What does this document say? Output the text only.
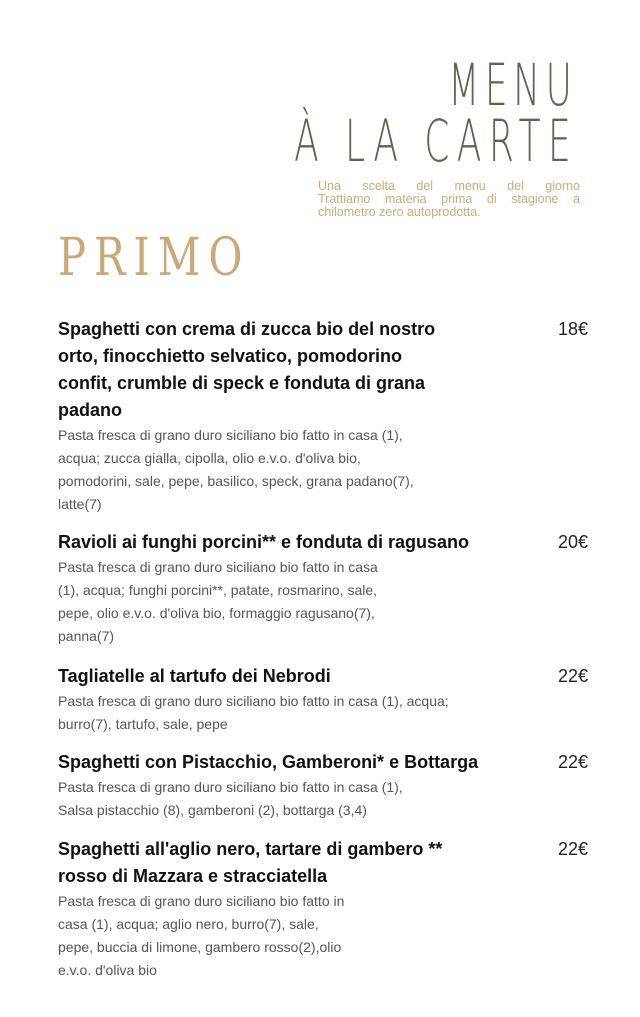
MENU
À LA CARTE
Una scelta del menu del giorno
Trattiamo materia prima di stagione a
chilometro zero autoprodotta.
PRIMO
Spaghetti con crema di zucca bio del nostro
orto, finocchietto selvatico, pomodorino
confit, crumble di speck e fonduta di grana
padano
Pasta fresca di grano duro siciliano bio fatto in casa (1),
acqua; zucca gialla, cipolla, olio e.v.o. d'oliva bio,
pomodorini, sale, pepe, basilico, speck, grana padano(7),
latte(7)
18€
Ravioli ai funghi porcini** e fonduta di ragusano
Pasta fresca di grano duro siciliano bio fatto in casa
(1), acqua; funghi porcini**, patate, rosmarino, sale,
pepe, olio e.v.o. d'oliva bio, formaggio ragusano(7),
panna(7)
20€
Tagliatelle al tartufo dei Nebrodi
Pasta fresca di grano duro siciliano bio fatto in casa (1), acqua;
burro(7), tartufo, sale, pepe
22€
Spaghetti con Pistacchio, Gamberoni* e Bottarga
Pasta fresca di grano duro siciliano bio fatto in casa (1),
Salsa pistacchio (8), gamberoni (2), bottarga (3,4)
22€
Spaghetti all'aglio nero, tartare di gambero **
rosso di Mazzara e stracciatella
Pasta fresca di grano duro siciliano bio fatto in
casa (1), acqua; aglio nero, burro(7), sale,
pepe, buccia di limone, gambero rosso(2),olio
e.v.o. d'oliva bio
22€
